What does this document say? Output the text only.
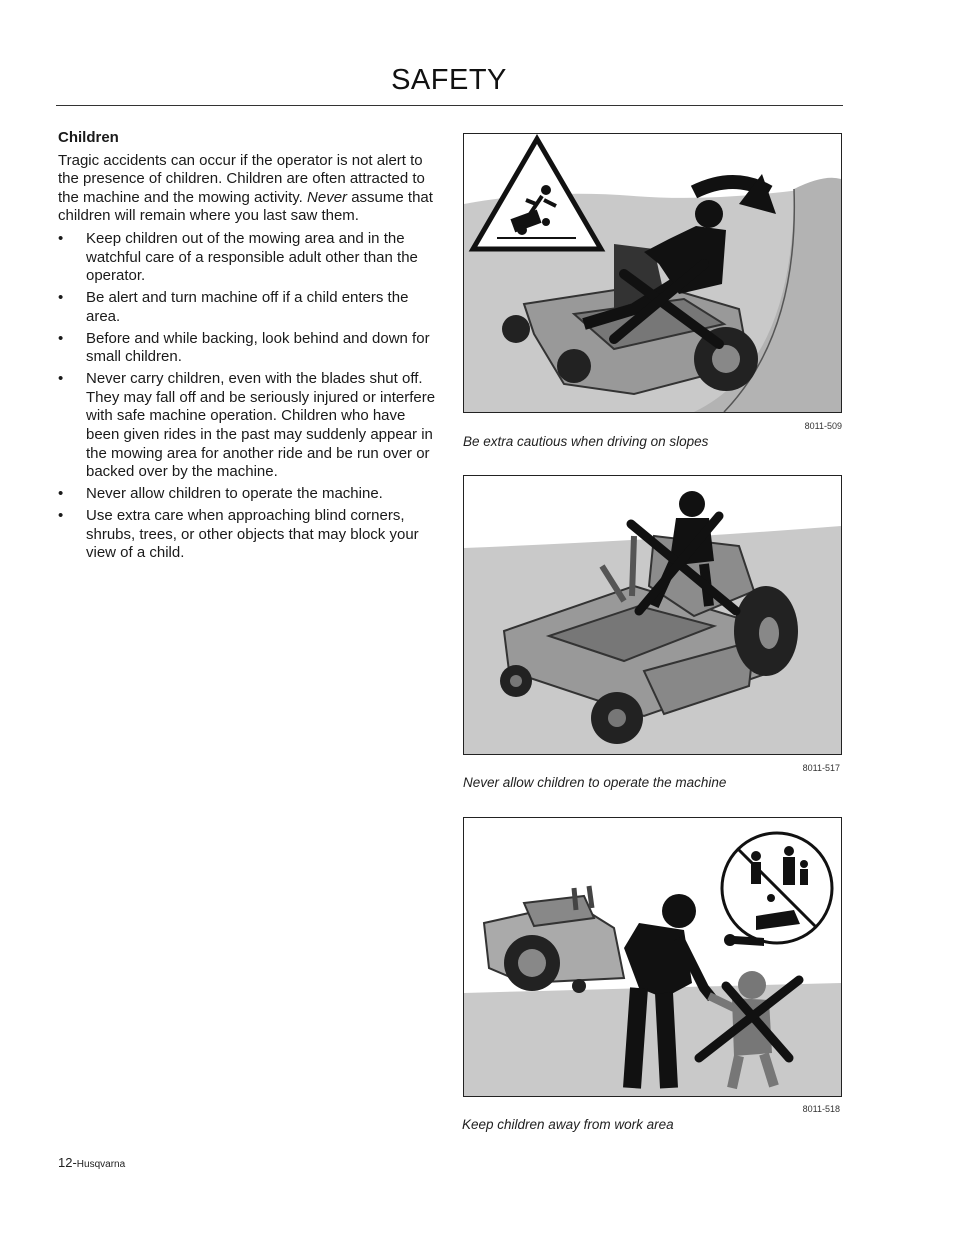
SAFETY
Children

Tragic accidents can occur if the operator is not alert to the presence of children. Children are often attracted to the machine and the mowing activity. Never assume that children will remain where you last saw them.

• Keep children out of the mowing area and in the watchful care of a responsible adult other than the operator.
• Be alert and turn machine off if a child enters the area.
• Before and while backing, look behind and down for small children.
• Never carry children, even with the blades shut off. They may fall off and be seriously injured or interfere with safe machine operation. Children who have been given rides in the past may suddenly appear in the mowing area for another ride and be run over or backed over by the machine.
• Never allow children to operate the machine.
• Use extra care when approaching blind corners, shrubs, trees, or other objects that may block your view of a child.
8011-509
Be extra cautious when driving on slopes
8011-517
Never allow children to operate the machine
8011-518
Keep children away from work area
12-Husqvarna
